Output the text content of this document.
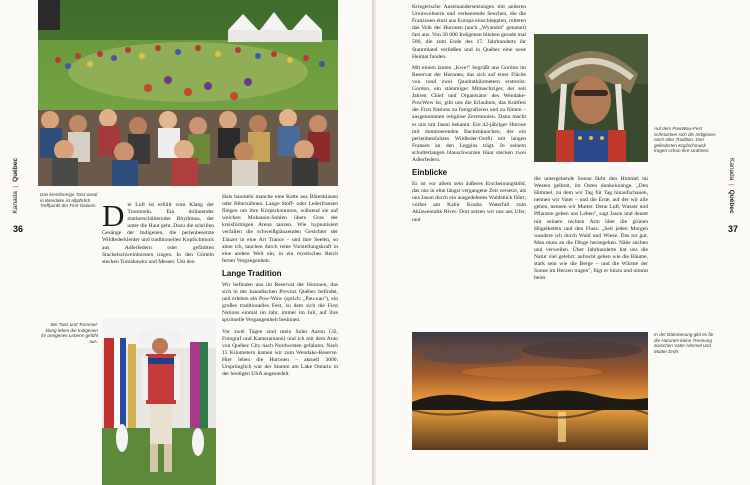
Das kreisförmige Tanz-areal in Wendake ist alljährlich Treffpunkt der First Nations.
Kanada | Québec
36	D ie Luft ist erfüllt vom Klang der Trommeln. Ein dröhnender markerschütternder Rhythmus, der unter die Haut geht. Dazu die schrillen Gesänge der Indigenen, die perlenbesetzte Wildlederkleider und traditionellen Kopfschmuck aus Adlerfedern oder gefärbten Stachelschweinborsten tragen. In den Gürteln stecken Tomahawks und Messer. Um den

Bei Tanz und Trommel-klang leben die Indigenen ihr ureigenes Lebens-gefühl aus.

Hals baumeln manche eine Kette aus Bärenklauen oder Biberzähnen. Lange Stoff- oder Lederfransen fliegen um ihre Körperkonturen, während sie auf weichen Mokassin-Sohlen übers Gras der kreisförmigen Arena tanzen. Wie hypnotisiert verfallen die schweißglänzenden Gesichter der Tänzer in eine Art Trance – und ihre Seelen, so ahne ich, tauchen durch reine Vorstellungskraft in eine andere Welt ein, in ein mystisches Reich ferner Vergangenheit.

Lange Tradition

Wir befinden uns im Reservat der Huronen, das sich in der kanadischen Provinz Québec befindet, und erleben ein Pow-Wow (sprich: „Pau-uau"), ein großes traditionelles Fest, zu dem sich die First Nations einmal im Jahr, immer im Juli, auf ihre spirituelle Vergangenheit besinnen.

Vor zwei Tagen sind mein Sohn Aaron (32, Fotograf und Kameramann) und ich mit dem Auto von Québec City nach Nordwesten gefahren. Nach 15 Kilometern kamen wir zum Wendake-Reserve. Hier leben die Huronen – aktuell 3000. Ursprünglich war der Stamm am Lake Ontario in der heutigen USA angesiedelt.

Kriegerische Auseinandersetzungen mit anderen Ureinwohnern und verheerende Seuchen, die die Franzosen einst aus Europa einschleppten, rotteten das Volk der Huronen (auch „Wyandot" genannt) fast aus. Von 30 000 Indigenen blieben gerade mal 500, die zum Ende des 17. Jahrhunderts ihr Stammland verließen und in Québec eine neue Heimat fanden.

Mit einem lauten „Kwe!" begrüßt uns Gordon im Reservat der Huronen, das sich auf einer Fläche von rund zwei Quadratkilometern erstreckt. Gordon, ein stämmiger Mittsechziger, der seit Jahren Chief und Organisator des Wendake-PowWow ist, gibt uns die Erlaubnis, das Kultfest der First Nations zu fotografieren und zu filmen – ausgenommen religiöse Zeremonien. Dann macht er uns mit Jason bekannt. Ein 42-jähriger Hurone mit dominierenden Backenknochen, der ein perlenbestücktes Wildleder-Outfit mit langen Fransen an den Leggins trägt. In seinem schulterlangen blauschwarzen Haar stecken zwei Adlerfedern.

Einblicke

Es ist vor allem sein äußeres Erscheinungsbild, das uns in eine längst vergangene Zeit versetzt, als uns Jason durch ein ausgedehntes Waldstück führt, vorbei am Kabir Kouba Waterfall zum Akiawenrahk River. Dort setzen wir uns ans Ufer, und

Auf dem PowWow-Fest schmücken sich die Indigenen nach alter Tradition. Den gefiederten Kopfschmuck tragen schon ihre Urahnen.
Kanada | Québec
37

die untergehende Sonne färbt den Himmel im Westen gelbrot, im Osten dunkelorange. „Den Himmel, zu dem wir Tag für Tag hinaufschauen, nennen wir Vater – und die Erde, auf der wir alle gehen, nennen wir Mutter. Denn Luft, Wasser und Pflanzen geben uns Leben", sagt Jason und deutet mit seinem rechten Arm über die grünen Hügelketten und den Fluss. „Seit jeden Morgen wandere ich durch Wald und Wiese. Das tut gut. Man muss an die Dinge herangehen. Nähe suchen und verweilen. Über Jahrhunderte hat uns die Natur viel gelehrt: aufrecht gehen wie die Bäume, stark sein wie die Berge – und die Wärme der Sonne im Herzen tragen", fügt er hinzu und nimmt beim

In der Dämmerung gibt es für die Huronen keine Trennung zwischen Vater Himmel und Mutter Erde.
